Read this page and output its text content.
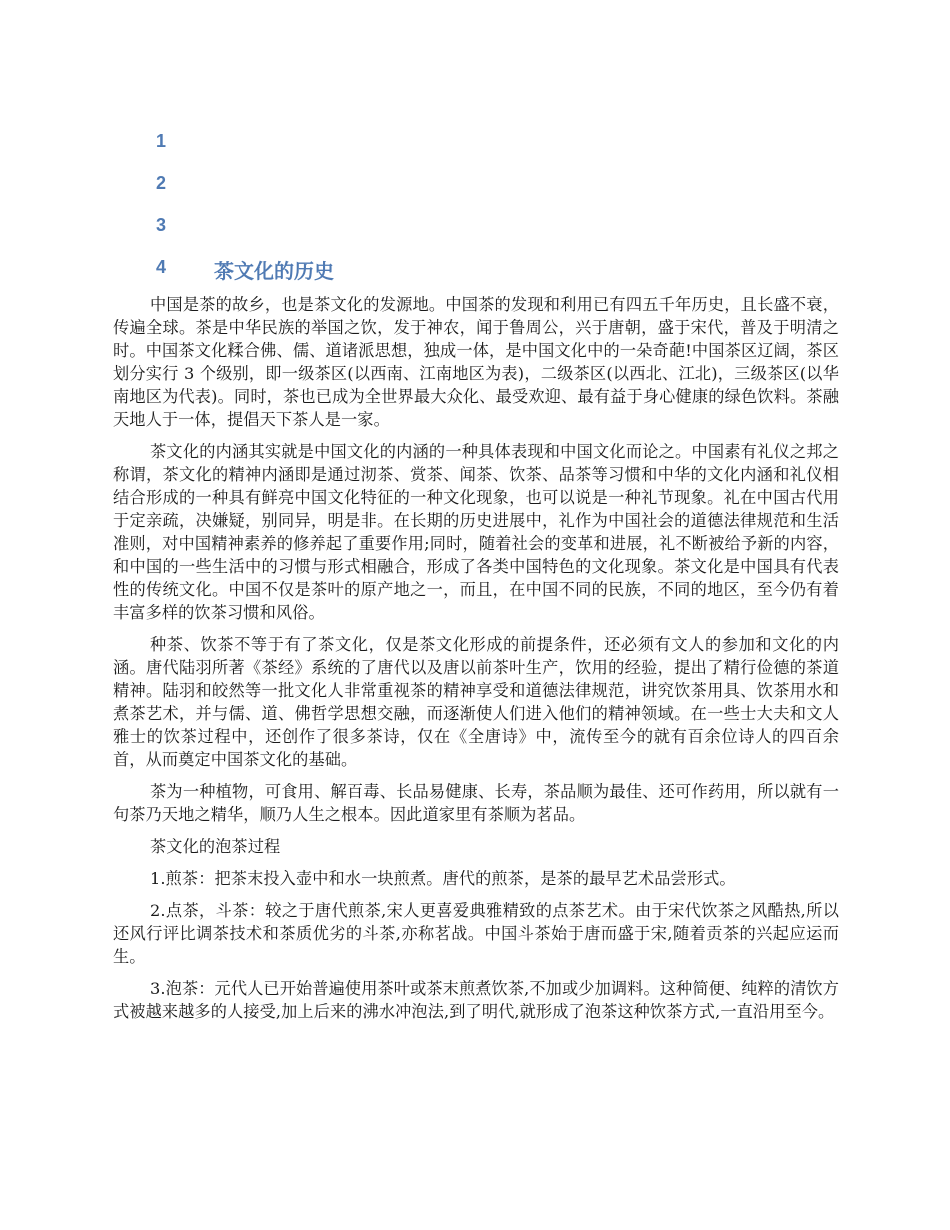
1
2
3
4 茶文化的历史

中国是茶的故乡，也是茶文化的发源地。中国茶的发现和利用已有四五千年历史，且长盛不衰，传遍全球。茶是中华民族的举国之饮，发于神农，闻于鲁周公，兴于唐朝，盛于宋代，普及于明清之时。中国茶文化糅合佛、儒、道诸派思想，独成一体，是中国文化中的一朵奇葩!中国茶区辽阔，茶区划分实行 3 个级别，即一级茶区(以西南、江南地区为表)，二级茶区(以西北、江北)，三级茶区(以华南地区为代表)。同时，茶也已成为全世界最大众化、最受欢迎、最有益于身心健康的绿色饮料。茶融天地人于一体，提倡天下茶人是一家。

茶文化的内涵其实就是中国文化的内涵的一种具体表现和中国文化而论之。中国素有礼仪之邦之称谓，茶文化的精神内涵即是通过沏茶、赏茶、闻茶、饮茶、品茶等习惯和中华的文化内涵和礼仪相结合形成的一种具有鲜亮中国文化特征的一种文化现象，也可以说是一种礼节现象。礼在中国古代用于定亲疏，决嫌疑，别同异，明是非。在长期的历史进展中，礼作为中国社会的道德法律规范和生活准则，对中国精神素养的修养起了重要作用;同时，随着社会的变革和进展，礼不断被给予新的内容，和中国的一些生活中的习惯与形式相融合，形成了各类中国特色的文化现象。茶文化是中国具有代表性的传统文化。中国不仅是茶叶的原产地之一，而且，在中国不同的民族，不同的地区，至今仍有着丰富多样的饮茶习惯和风俗。

种茶、饮茶不等于有了茶文化，仅是茶文化形成的前提条件，还必须有文人的参加和文化的内涵。唐代陆羽所著《茶经》系统的了唐代以及唐以前茶叶生产，饮用的经验，提出了精行俭德的茶道精神。陆羽和皎然等一批文化人非常重视茶的精神享受和道德法律规范，讲究饮茶用具、饮茶用水和煮茶艺术，并与儒、道、佛哲学思想交融，而逐渐使人们进入他们的精神领域。在一些士大夫和文人雅士的饮茶过程中，还创作了很多茶诗，仅在《全唐诗》中，流传至今的就有百余位诗人的四百余首，从而奠定中国茶文化的基础。

茶为一种植物，可食用、解百毒、长品易健康、长寿，茶品顺为最佳、还可作药用，所以就有一句茶乃天地之精华，顺乃人生之根本。因此道家里有茶顺为茗品。

茶文化的泡茶过程

1.煎茶：把茶末投入壶中和水一块煎煮。唐代的煎茶，是茶的最早艺术品尝形式。

2.点茶，斗茶：较之于唐代煎茶,宋人更喜爱典雅精致的点茶艺术。由于宋代饮茶之风酷热,所以还风行评比调茶技术和茶质优劣的斗茶,亦称茗战。中国斗茶始于唐而盛于宋,随着贡茶的兴起应运而生。

3.泡茶：元代人已开始普遍使用茶叶或茶末煎煮饮茶,不加或少加调料。这种简便、纯粹的清饮方式被越来越多的人接受,加上后来的沸水冲泡法,到了明代,就形成了泡茶这种饮茶方式,一直沿用至今。
